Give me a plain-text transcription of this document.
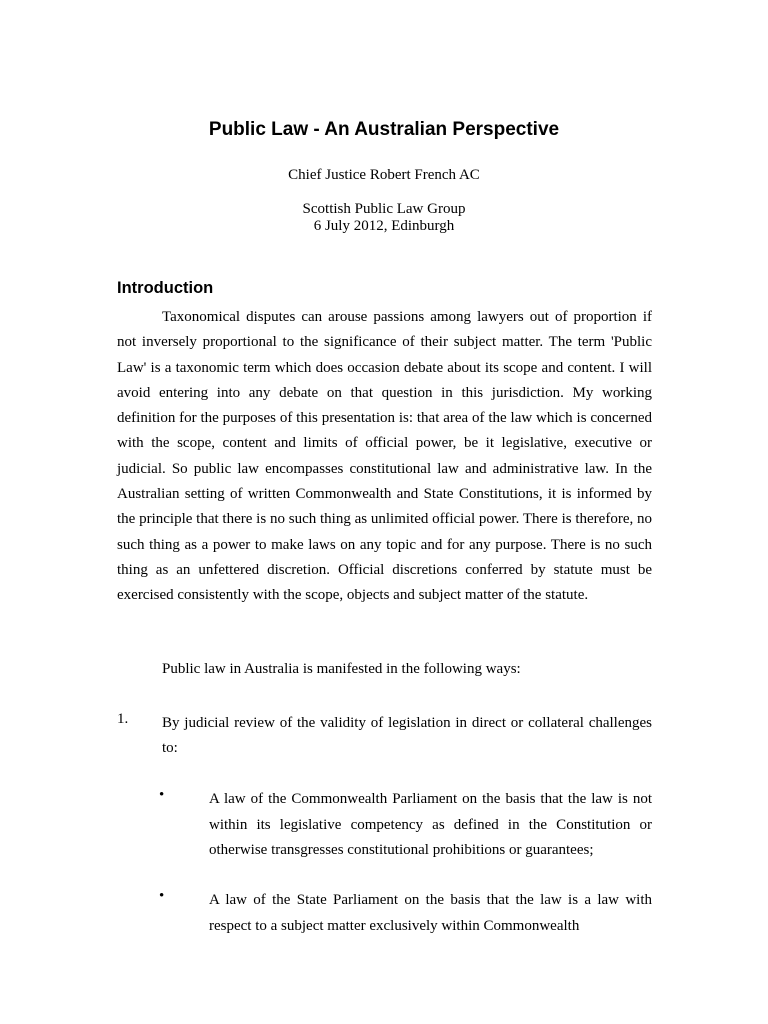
Public Law - An Australian Perspective
Chief Justice Robert French AC
Scottish Public Law Group
6 July 2012, Edinburgh
Introduction

Taxonomical disputes can arouse passions among lawyers out of proportion if not inversely proportional to the significance of their subject matter. The term 'Public Law' is a taxonomic term which does occasion debate about its scope and content. I will avoid entering into any debate on that question in this jurisdiction. My working definition for the purposes of this presentation is: that area of the law which is concerned with the scope, content and limits of official power, be it legislative, executive or judicial. So public law encompasses constitutional law and administrative law. In the Australian setting of written Commonwealth and State Constitutions, it is informed by the principle that there is no such thing as unlimited official power. There is therefore, no such thing as a power to make laws on any topic and for any purpose. There is no such thing as an unfettered discretion. Official discretions conferred by statute must be exercised consistently with the scope, objects and subject matter of the statute.

Public law in Australia is manifested in the following ways:

1. By judicial review of the validity of legislation in direct or collateral challenges to:

•	A law of the Commonwealth Parliament on the basis that the law is not within its legislative competency as defined in the Constitution or otherwise transgresses constitutional prohibitions or guarantees;

•	A law of the State Parliament on the basis that the law is a law with respect to a subject matter exclusively within Commonwealth
